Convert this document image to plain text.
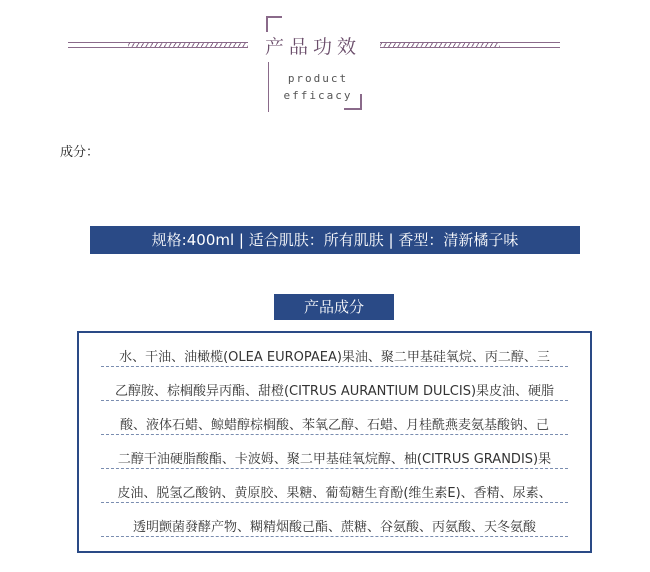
产品功效
product
efficacy
成分：
规格:400ml | 适合肌肤：所有肌肤 | 香型：清新橘子味
产品成分
水、干油、油橄榄(OLEA EUROPAEA)果油、聚二甲基硅氧烷、丙二醇、三
乙醇胺、棕榈酸异丙酯、甜橙(CITRUS AURANTIUM DULCIS)果皮油、硬脂
酸、液体石蜡、鲸蜡醇棕榈酸、苯氧乙醇、石蜡、月桂酰燕麦氨基酸钠、己
二醇干油硬脂酸酯、卡波姆、聚二甲基硅氧烷醇、柚(CITRUS GRANDIS)果
皮油、脱氢乙酸钠、黄原胶、果糖、葡萄糖生育酚(维生素E)、香精、尿素、
透明颤菌發酵产物、糊精烟酸己酯、蔗糖、谷氨酸、丙氨酸、天冬氨酸
